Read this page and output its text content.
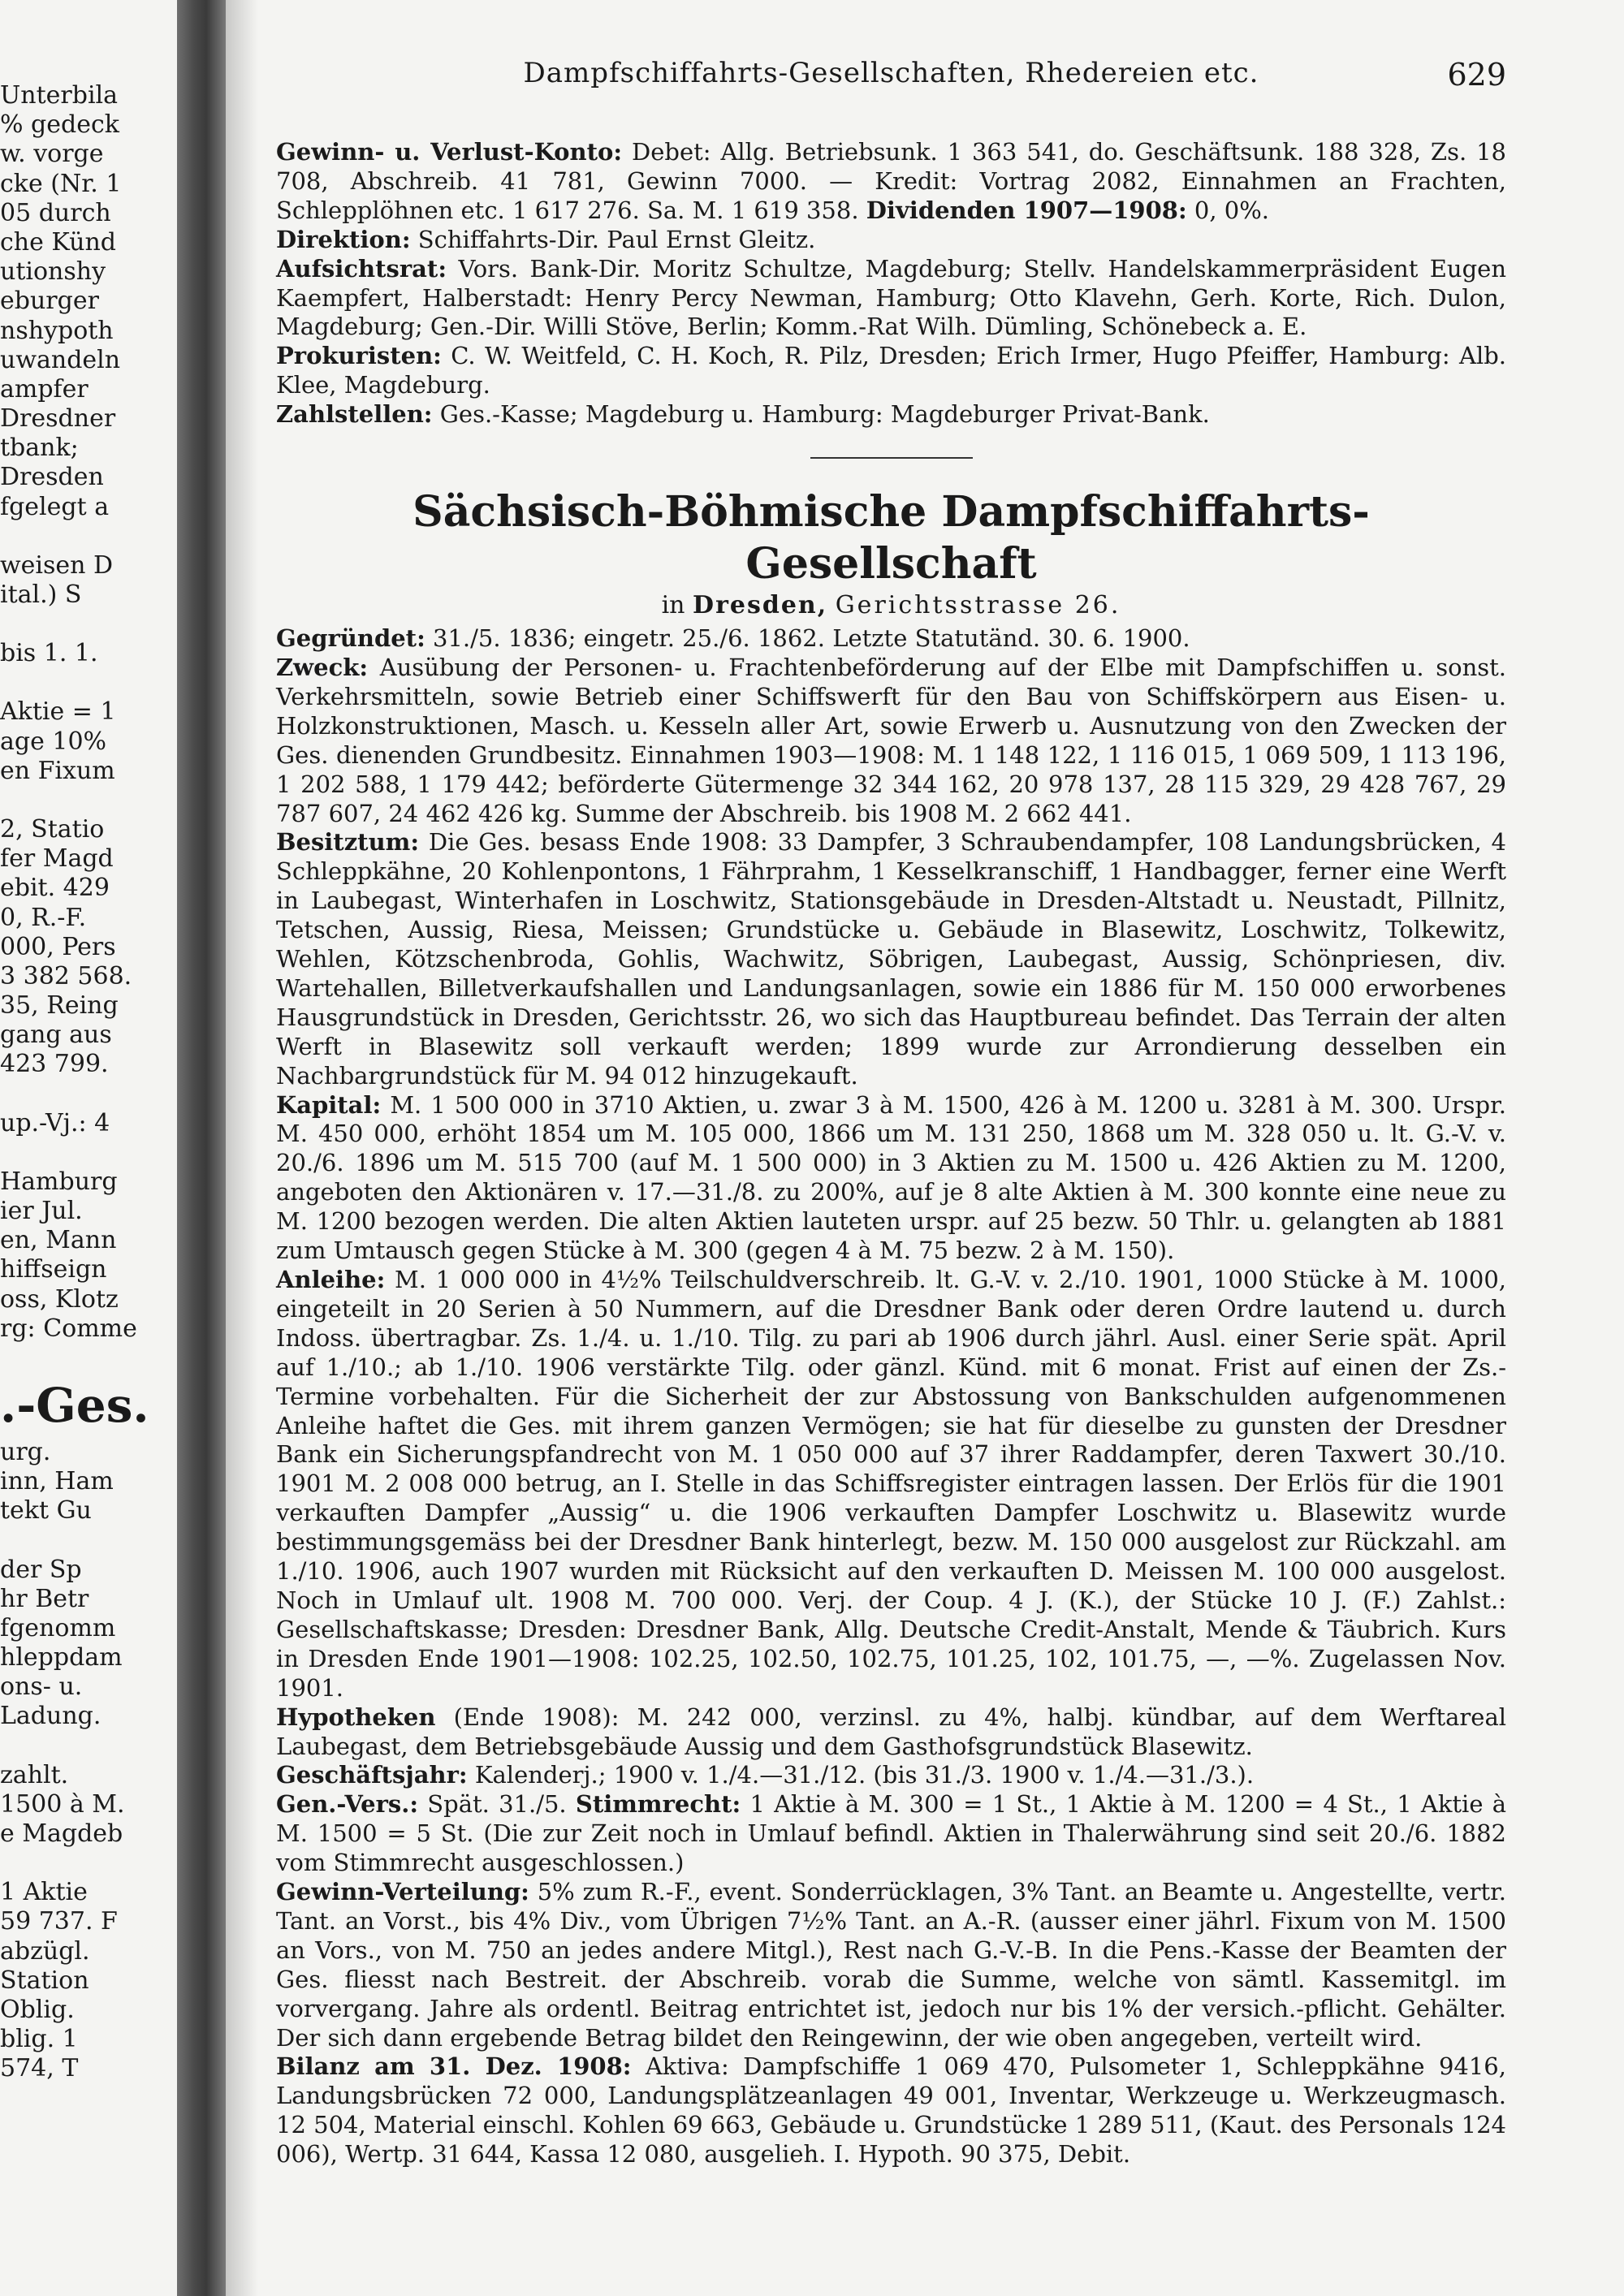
Unterbila
% gedeck
w. vorge
cke (Nr. 1
05 durch
che Künd
utionshy
eburger
nshypoth
uwandeln
ampfer
Dresdner
tbank;
Dresden
fgelegt a
weisen D
ital.) S
bis 1. 1.
Aktie = 1
age 10%
en Fixum
2, Statio
fer Magd
ebit. 429
0, R.-F.
000, Pers
3 382 568.
35, Reing
gang aus
423 799.
up.-Vj.: 4
Hamburg
ier Jul.
en, Mann
hiffseign
oss, Klotz
rg: Comme
.-Ges.
urg.
inn, Ham
tekt Gu
der Sp
hr Betr
fgenomm
hleppdam
ons- u.
Ladung.
zahlt.
1500 à M.
e Magdeb
1 Aktie
59 737. F
abzügl.
Station
Oblig.
blig. 1
574, T
Dampfschiffahrts-Gesellschaften, Rhedereien etc.	629

Gewinn- u. Verlust-Konto: Debet: Allg. Betriebsunk. 1 363 541, do. Geschäftsunk. 188 328, Zs. 18 708, Abschreib. 41 781, Gewinn 7000. — Kredit: Vortrag 2082, Einnahmen an Frachten, Schlepplöhnen etc. 1 617 276. Sa. M. 1 619 358. Dividenden 1907—1908: 0, 0%.

Direktion: Schiffahrts-Dir. Paul Ernst Gleitz.

Aufsichtsrat: Vors. Bank-Dir. Moritz Schultze, Magdeburg; Stellv. Handelskammerpräsident Eugen Kaempfert, Halberstadt: Henry Percy Newman, Hamburg; Otto Klavehn, Gerh. Korte, Rich. Dulon, Magdeburg; Gen.-Dir. Willi Stöve, Berlin; Komm.-Rat Wilh. Dümling, Schönebeck a. E.

Prokuristen: C. W. Weitfeld, C. H. Koch, R. Pilz, Dresden; Erich Irmer, Hugo Pfeiffer, Hamburg: Alb. Klee, Magdeburg.

Zahlstellen: Ges.-Kasse; Magdeburg u. Hamburg: Magdeburger Privat-Bank.

Sächsisch-Böhmische Dampfschiffahrts-Gesellschaft
in Dresden, Gerichtsstrasse 26.

Gegründet: 31./5. 1836; eingetr. 25./6. 1862. Letzte Statutänd. 30. 6. 1900.

Zweck: Ausübung der Personen- u. Frachtenbeförderung auf der Elbe mit Dampfschiffen u. sonst. Verkehrsmitteln, sowie Betrieb einer Schiffswerft für den Bau von Schiffskörpern aus Eisen- u. Holzkonstruktionen, Masch. u. Kesseln aller Art, sowie Erwerb u. Ausnutzung von den Zwecken der Ges. dienenden Grundbesitz. Einnahmen 1903—1908: M. 1 148 122, 1 116 015, 1 069 509, 1 113 196, 1 202 588, 1 179 442; beförderte Gütermenge 32 344 162, 20 978 137, 28 115 329, 29 428 767, 29 787 607, 24 462 426 kg. Summe der Abschreib. bis 1908 M. 2 662 441.

Besitztum: Die Ges. besass Ende 1908: 33 Dampfer, 3 Schraubendampfer, 108 Landungsbrücken, 4 Schleppkähne, 20 Kohlenpontons, 1 Fährprahm, 1 Kesselkranschiff, 1 Handbagger, ferner eine Werft in Laubegast, Winterhafen in Loschwitz, Stationsgebäude in Dresden-Altstadt u. Neustadt, Pillnitz, Tetschen, Aussig, Riesa, Meissen; Grundstücke u. Gebäude in Blasewitz, Loschwitz, Tolkewitz, Wehlen, Kötzschenbroda, Gohlis, Wachwitz, Söbrigen, Laubegast, Aussig, Schönpriesen, div. Wartehallen, Billetverkaufshallen und Landungsanlagen, sowie ein 1886 für M. 150 000 erworbenes Hausgrundstück in Dresden, Gerichtsstr. 26, wo sich das Hauptbureau befindet. Das Terrain der alten Werft in Blasewitz soll verkauft werden; 1899 wurde zur Arrondierung desselben ein Nachbargrundstück für M. 94 012 hinzugekauft.

Kapital: M. 1 500 000 in 3710 Aktien, u. zwar 3 à M. 1500, 426 à M. 1200 u. 3281 à M. 300. Urspr. M. 450 000, erhöht 1854 um M. 105 000, 1866 um M. 131 250, 1868 um M. 328 050 u. lt. G.-V. v. 20./6. 1896 um M. 515 700 (auf M. 1 500 000) in 3 Aktien zu M. 1500 u. 426 Aktien zu M. 1200, angeboten den Aktionären v. 17.—31./8. zu 200%, auf je 8 alte Aktien à M. 300 konnte eine neue zu M. 1200 bezogen werden. Die alten Aktien lauteten urspr. auf 25 bezw. 50 Thlr. u. gelangten ab 1881 zum Umtausch gegen Stücke à M. 300 (gegen 4 à M. 75 bezw. 2 à M. 150).

Anleihe: M. 1 000 000 in 4½% Teilschuldverschreib. lt. G.-V. v. 2./10. 1901, 1000 Stücke à M. 1000, eingeteilt in 20 Serien à 50 Nummern, auf die Dresdner Bank oder deren Ordre lautend u. durch Indoss. übertragbar. Zs. 1./4. u. 1./10. Tilg. zu pari ab 1906 durch jährl. Ausl. einer Serie spät. April auf 1./10.; ab 1./10. 1906 verstärkte Tilg. oder gänzl. Künd. mit 6 monat. Frist auf einen der Zs.-Termine vorbehalten. Für die Sicherheit der zur Abstossung von Bankschulden aufgenommenen Anleihe haftet die Ges. mit ihrem ganzen Vermögen; sie hat für dieselbe zu gunsten der Dresdner Bank ein Sicherungspfandrecht von M. 1 050 000 auf 37 ihrer Raddampfer, deren Taxwert 30./10. 1901 M. 2 008 000 betrug, an I. Stelle in das Schiffsregister eintragen lassen. Der Erlös für die 1901 verkauften Dampfer „Aussig“ u. die 1906 verkauften Dampfer Loschwitz u. Blasewitz wurde bestimmungsgemäss bei der Dresdner Bank hinterlegt, bezw. M. 150 000 ausgelost zur Rückzahl. am 1./10. 1906, auch 1907 wurden mit Rücksicht auf den verkauften D. Meissen M. 100 000 ausgelost. Noch in Umlauf ult. 1908 M. 700 000. Verj. der Coup. 4 J. (K.), der Stücke 10 J. (F.) Zahlst.: Gesellschaftskasse; Dresden: Dresdner Bank, Allg. Deutsche Credit-Anstalt, Mende & Täubrich. Kurs in Dresden Ende 1901—1908: 102.25, 102.50, 102.75, 101.25, 102, 101.75, —, —%. Zugelassen Nov. 1901.

Hypotheken (Ende 1908): M. 242 000, verzinsl. zu 4%, halbj. kündbar, auf dem Werftareal Laubegast, dem Betriebsgebäude Aussig und dem Gasthofsgrundstück Blasewitz.

Geschäftsjahr: Kalenderj.; 1900 v. 1./4.—31./12. (bis 31./3. 1900 v. 1./4.—31./3.).

Gen.-Vers.: Spät. 31./5. Stimmrecht: 1 Aktie à M. 300 = 1 St., 1 Aktie à M. 1200 = 4 St., 1 Aktie à M. 1500 = 5 St. (Die zur Zeit noch in Umlauf befindl. Aktien in Thalerwährung sind seit 20./6. 1882 vom Stimmrecht ausgeschlossen.)

Gewinn-Verteilung: 5% zum R.-F., event. Sonderrücklagen, 3% Tant. an Beamte u. Angestellte, vertr. Tant. an Vorst., bis 4% Div., vom Übrigen 7½% Tant. an A.-R. (ausser einer jährl. Fixum von M. 1500 an Vors., von M. 750 an jedes andere Mitgl.), Rest nach G.-V.-B. In die Pens.-Kasse der Beamten der Ges. fliesst nach Bestreit. der Abschreib. vorab die Summe, welche von sämtl. Kassemitgl. im vorvergang. Jahre als ordentl. Beitrag entrichtet ist, jedoch nur bis 1% der versich.-pflicht. Gehälter. Der sich dann ergebende Betrag bildet den Reingewinn, der wie oben angegeben, verteilt wird.

Bilanz am 31. Dez. 1908: Aktiva: Dampfschiffe 1 069 470, Pulsometer 1, Schleppkähne 9416, Landungsbrücken 72 000, Landungsplätzeanlagen 49 001, Inventar, Werkzeuge u. Werkzeugmasch. 12 504, Material einschl. Kohlen 69 663, Gebäude u. Grundstücke 1 289 511, (Kaut. des Personals 124 006), Wertp. 31 644, Kassa 12 080, ausgelieh. I. Hypoth. 90 375, Debit.
